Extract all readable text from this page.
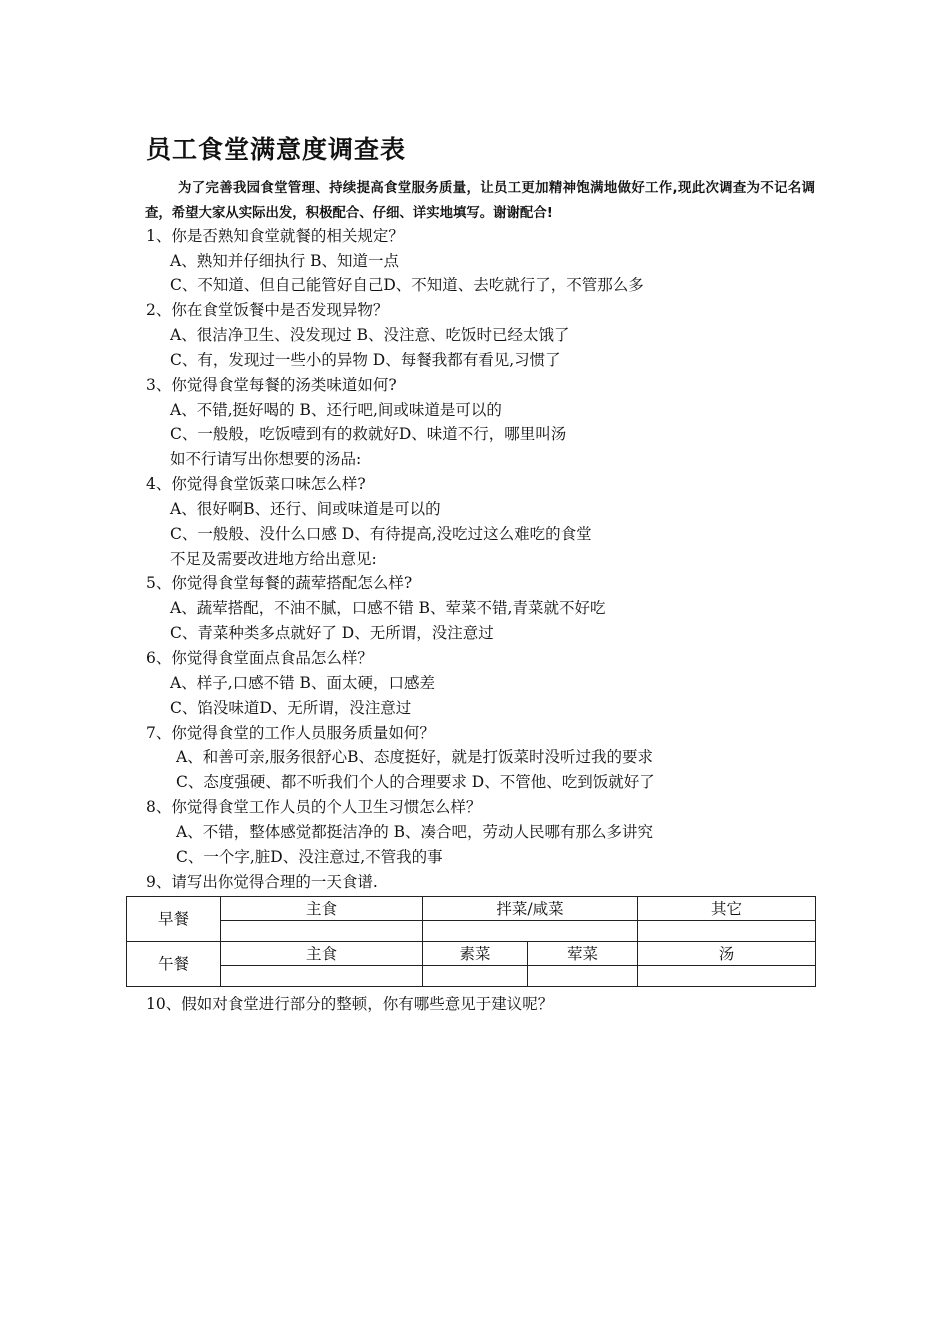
员工食堂满意度调查表
为了完善我园食堂管理、持续提高食堂服务质量，让员工更加精神饱满地做好工作,现此次调查为不记名调查，希望大家从实际出发，积极配合、仔细、详实地填写。谢谢配合!
1、你是否熟知食堂就餐的相关规定？
A、熟知并仔细执行 B、知道一点
C、不知道、但自己能管好自己D、不知道、去吃就行了，不管那么多
2、你在食堂饭餐中是否发现异物？
A、很洁净卫生、没发现过 B、没注意、吃饭时已经太饿了
C、有，发现过一些小的异物 D、每餐我都有看见,习惯了
3、你觉得食堂每餐的汤类味道如何?
A、不错,挺好喝的 B、还行吧,间或味道是可以的
C、一般般，吃饭噎到有的救就好D、味道不行，哪里叫汤
如不行请写出你想要的汤品:
4、你觉得食堂饭菜口味怎么样?
A、很好啊B、还行、间或味道是可以的
C、一般般、没什么口感 D、有待提高,没吃过这么难吃的食堂
不足及需要改进地方给出意见:
5、你觉得食堂每餐的蔬荤搭配怎么样?
A、蔬荤搭配，不油不腻，口感不错 B、荤菜不错,青菜就不好吃
C、青菜种类多点就好了 D、无所谓，没注意过
6、你觉得食堂面点食品怎么样？
A、样子,口感不错 B、面太硬，口感差
C、馅没味道D、无所谓，没注意过
7、你觉得食堂的工作人员服务质量如何？
A、和善可亲,服务很舒心B、态度挺好，就是打饭菜时没听过我的要求
C、态度强硬、都不听我们个人的合理要求 D、不管他、吃到饭就好了
8、你觉得食堂工作人员的个人卫生习惯怎么样？
A、不错，整体感觉都挺洁净的 B、凑合吧，劳动人民哪有那么多讲究
C、一个字,脏D、没注意过,不管我的事
9、请写出你觉得合理的一天食谱.
早餐	主食	拌菜/咸菜		其它

午餐	主食	素菜	荤菜	汤

10、假如对食堂进行部分的整顿，你有哪些意见于建议呢？
